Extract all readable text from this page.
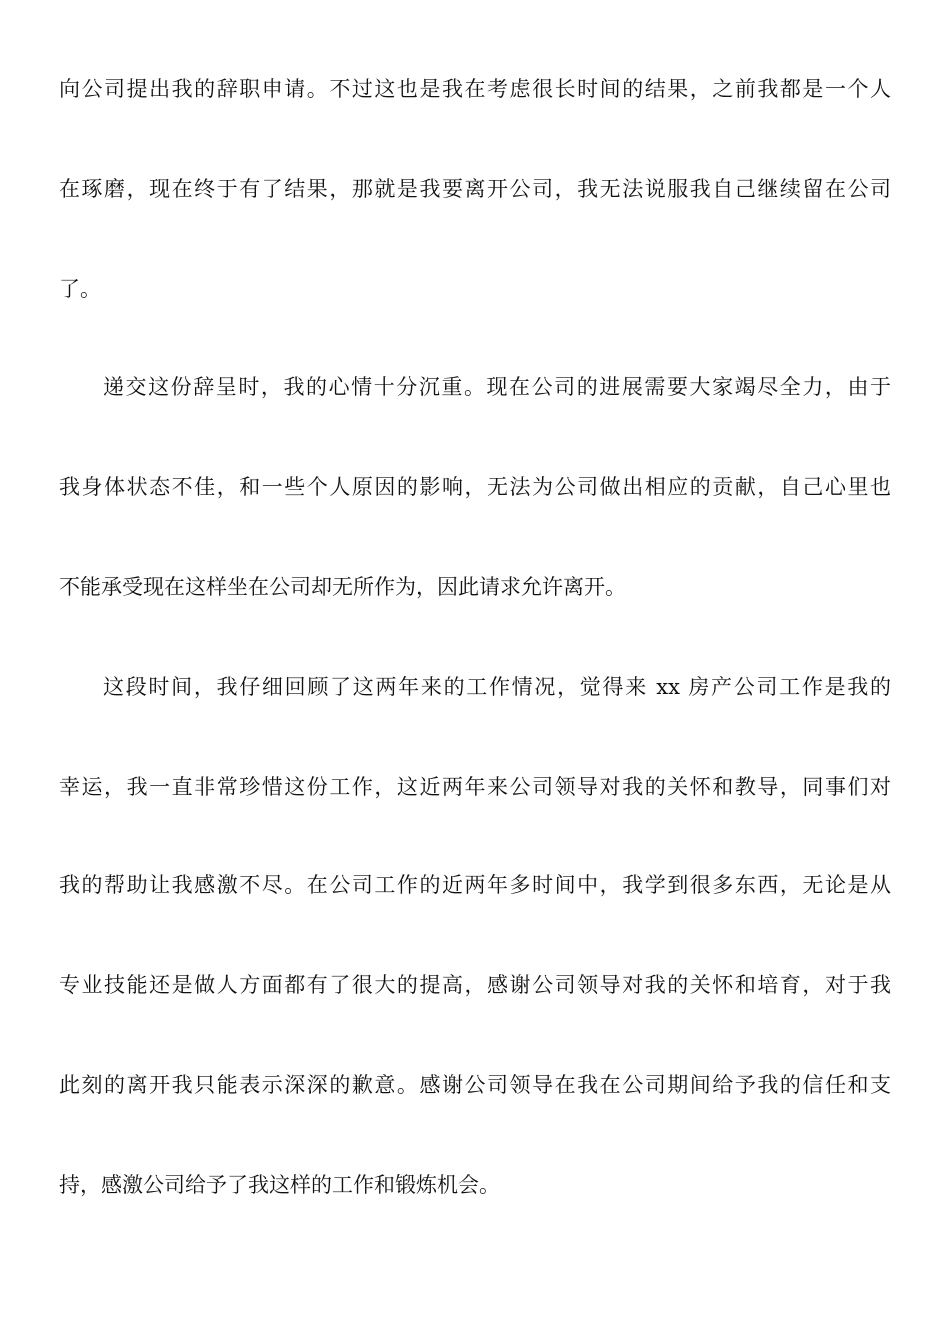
向公司提出我的辞职申请。不过这也是我在考虑很长时间的结果，之前我都是一个人
在琢磨，现在终于有了结果，那就是我要离开公司，我无法说服我自己继续留在公司
了。
递交这份辞呈时，我的心情十分沉重。现在公司的进展需要大家竭尽全力，由于
我身体状态不佳，和一些个人原因的影响，无法为公司做出相应的贡献，自己心里也
不能承受现在这样坐在公司却无所作为，因此请求允许离开。
这段时间，我仔细回顾了这两年来的工作情况，觉得来 xx 房产公司工作是我的
幸运，我一直非常珍惜这份工作，这近两年来公司领导对我的关怀和教导，同事们对
我的帮助让我感激不尽。在公司工作的近两年多时间中，我学到很多东西，无论是从
专业技能还是做人方面都有了很大的提高，感谢公司领导对我的关怀和培育，对于我
此刻的离开我只能表示深深的歉意。感谢公司领导在我在公司期间给予我的信任和支
持，感激公司给予了我这样的工作和锻炼机会。
